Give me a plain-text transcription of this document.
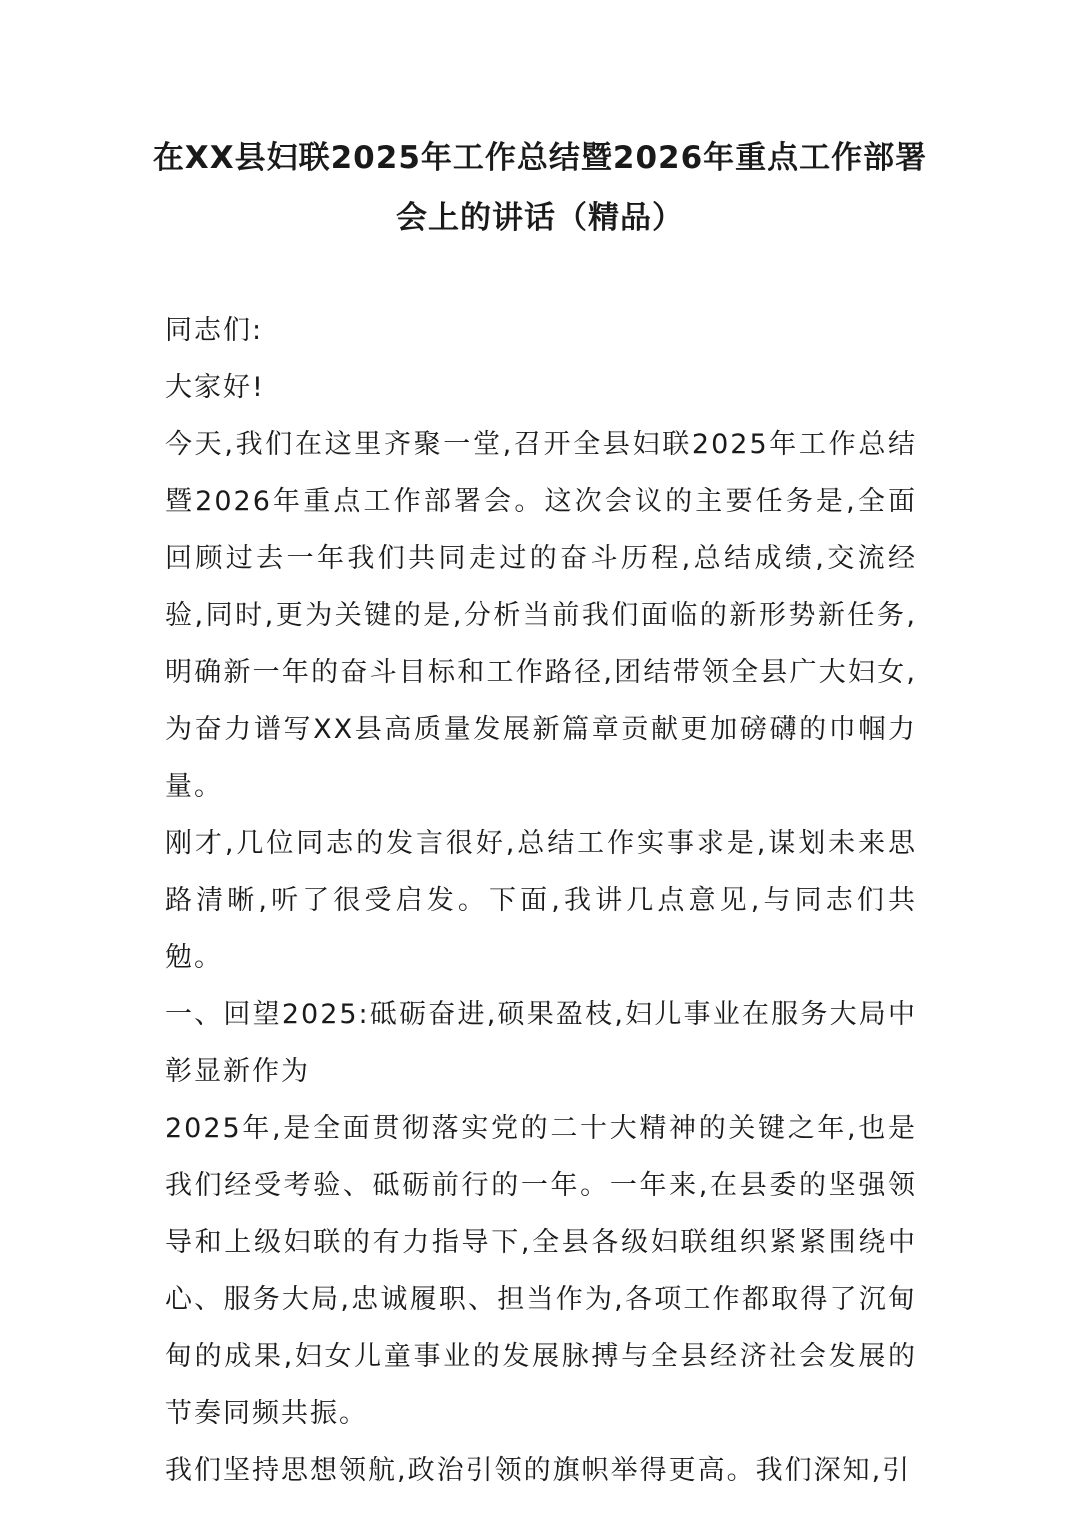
在XX县妇联2025年工作总结暨2026年重点工作部署会上的讲话（精品）

同志们:

大家好!

今天,我们在这里齐聚一堂,召开全县妇联2025年工作总结暨2026年重点工作部署会。这次会议的主要任务是,全面回顾过去一年我们共同走过的奋斗历程,总结成绩,交流经验,同时,更为关键的是,分析当前我们面临的新形势新任务,明确新一年的奋斗目标和工作路径,团结带领全县广大妇女,为奋力谱写XX县高质量发展新篇章贡献更加磅礴的巾帼力量。

刚才,几位同志的发言很好,总结工作实事求是,谋划未来思路清晰,听了很受启发。下面,我讲几点意见,与同志们共勉。

一、回望2025:砥砺奋进,硕果盈枝,妇儿事业在服务大局中彰显新作为

2025年,是全面贯彻落实党的二十大精神的关键之年,也是我们经受考验、砥砺前行的一年。一年来,在县委的坚强领导和上级妇联的有力指导下,全县各级妇联组织紧紧围绕中心、服务大局,忠诚履职、担当作为,各项工作都取得了沉甸甸的成果,妇女儿童事业的发展脉搏与全县经济社会发展的节奏同频共振。

我们坚持思想领航,政治引领的旗帜举得更高。我们深知,引
